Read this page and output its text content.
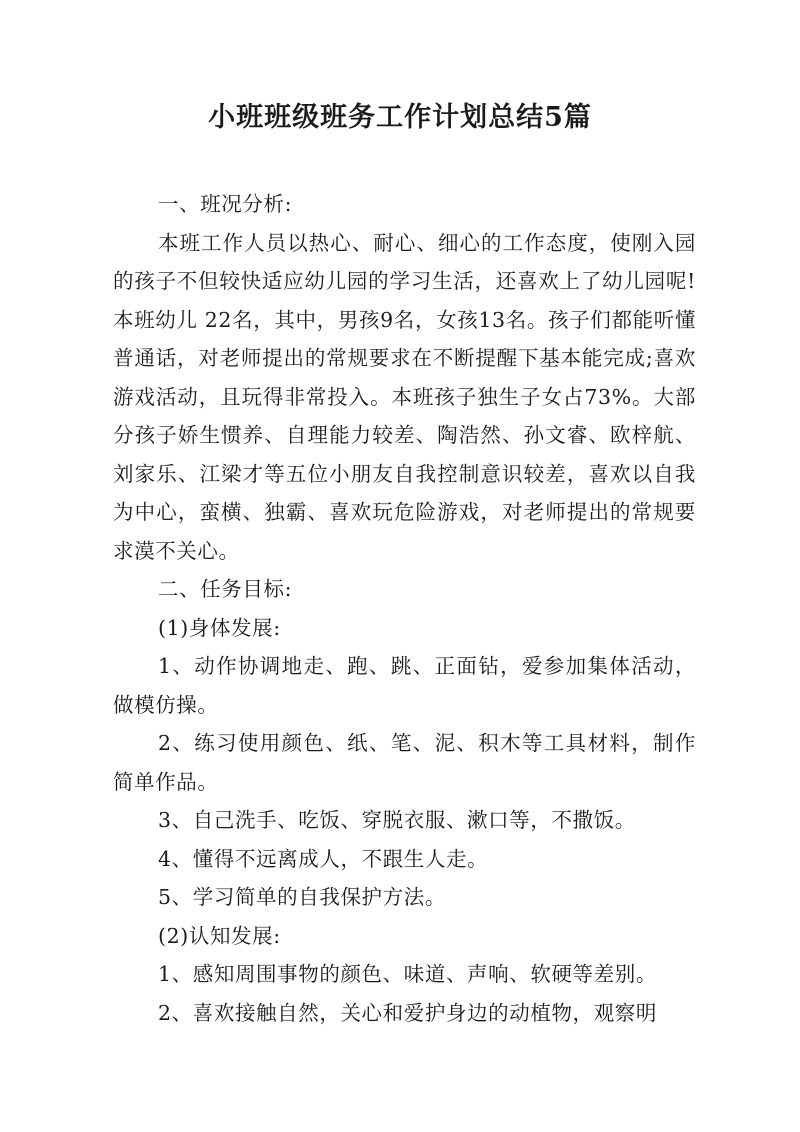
小班班级班务工作计划总结5篇

一、班况分析:

本班工作人员以热心、耐心、细心的工作态度，使刚入园的孩子不但较快适应幼儿园的学习生活，还喜欢上了幼儿园呢!本班幼儿 22名，其中，男孩9名，女孩13名。孩子们都能听懂普通话，对老师提出的常规要求在不断提醒下基本能完成;喜欢游戏活动，且玩得非常投入。本班孩子独生子女占73%。大部分孩子娇生惯养、自理能力较差、陶浩然、孙文睿、欧梓航、刘家乐、江梁才等五位小朋友自我控制意识较差，喜欢以自我为中心，蛮横、独霸、喜欢玩危险游戏，对老师提出的常规要求漠不关心。

二、任务目标:

(1)身体发展:

1、动作协调地走、跑、跳、正面钻，爱参加集体活动，做模仿操。

2、练习使用颜色、纸、笔、泥、积木等工具材料，制作简单作品。

3、自己洗手、吃饭、穿脱衣服、漱口等，不撒饭。

4、懂得不远离成人，不跟生人走。

5、学习简单的自我保护方法。

(2)认知发展:

1、感知周围事物的颜色、味道、声响、软硬等差别。

2、喜欢接触自然，关心和爱护身边的动植物，观察明
